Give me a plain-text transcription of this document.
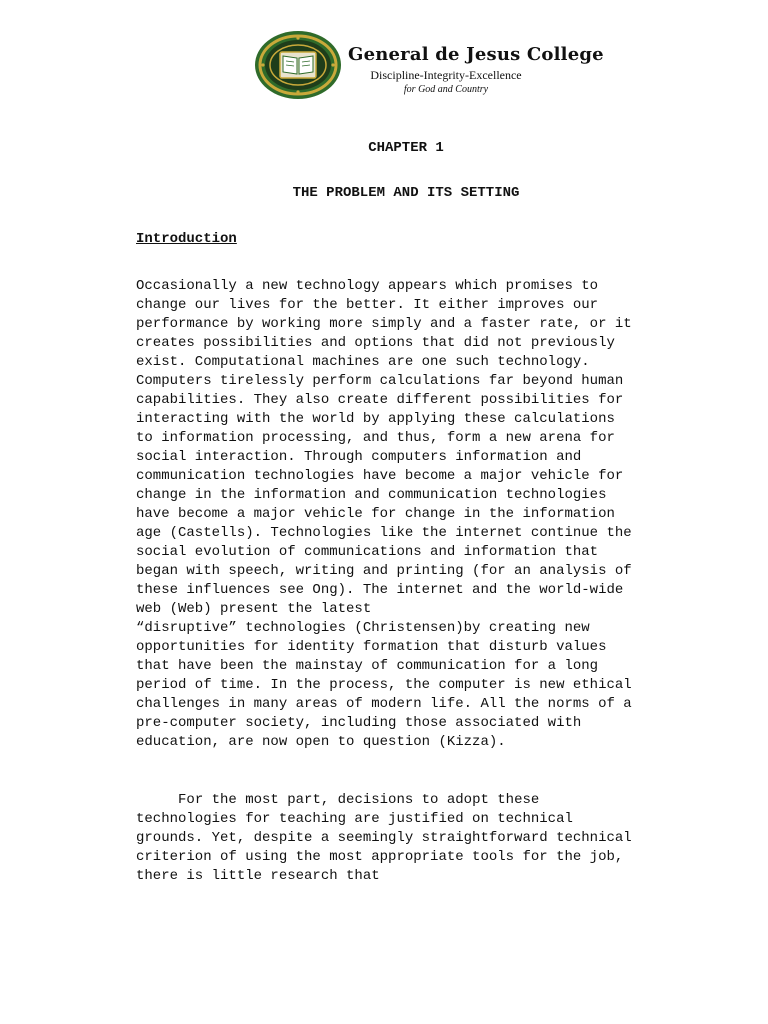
General de Jesus College
Discipline-Integrity-Excellence
for God and Country
CHAPTER 1
THE PROBLEM AND ITS SETTING
Introduction
Occasionally a new technology appears which promises to
change our lives for the better. It either improves our
performance by working more simply and a faster rate, or it
creates possibilities and options that did not previously
exist. Computational machines are one such technology.
Computers tirelessly perform calculations far beyond human
capabilities. They also create different possibilities for
interacting with the world by applying these calculations
to information processing, and thus, form a new arena for
social interaction. Through computers information and
communication technologies have become a major vehicle for
change in the information and communication technologies
have become a major vehicle for change in the information
age (Castells). Technologies like the internet continue the
social evolution of communications and information that
began with speech, writing and printing (for an analysis of
these influences see Ong). The internet and the world-wide
web (Web) present the latest
“disruptive” technologies (Christensen)by creating new
opportunities for identity formation that disturb values
that have been the mainstay of communication for a long
period of time. In the process, the computer is new ethical
challenges in many areas of modern life. All the norms of a
pre-computer society, including those associated with
education, are now open to question (Kizza).
For the most part, decisions to adopt these
technologies for teaching are justified on technical
grounds. Yet, despite a seemingly straightforward technical
criterion of using the most appropriate tools for the job,
there is little research that
